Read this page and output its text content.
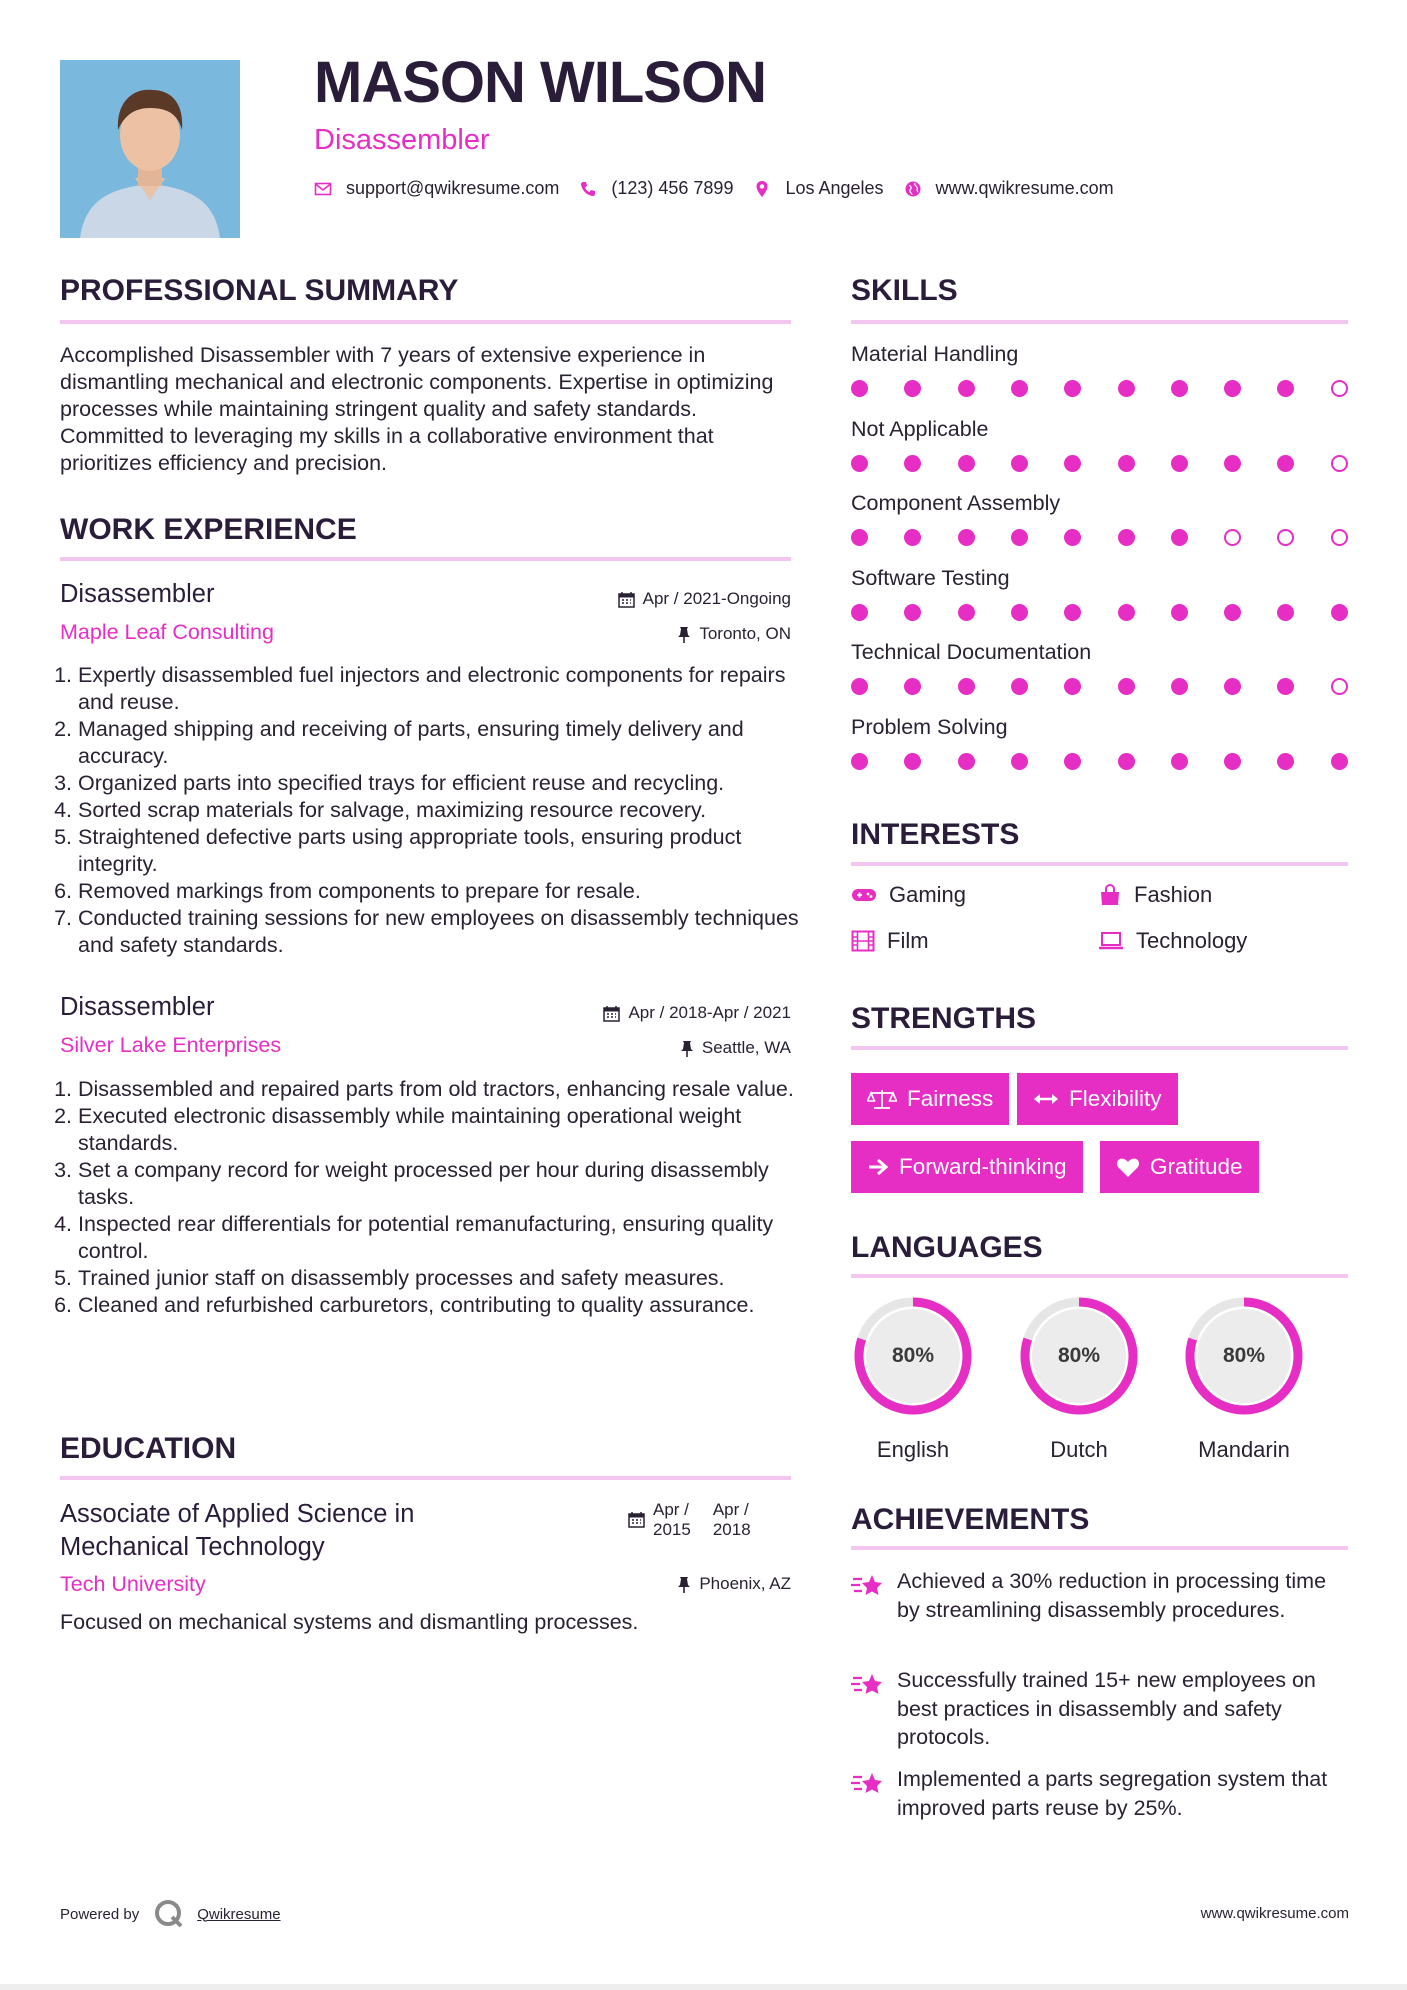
MASON WILSON
Disassembler
support@qwikresume.com	(123) 456 7899	Los Angeles	www.qwikresume.com
PROFESSIONAL SUMMARY
Accomplished Disassembler with 7 years of extensive experience in dismantling mechanical and electronic components. Expertise in optimizing processes while maintaining stringent quality and safety standards. Committed to leveraging my skills in a collaborative environment that prioritizes efficiency and precision.
WORK EXPERIENCE
Disassembler
Maple Leaf Consulting
Apr / 2021-Ongoing
Toronto, ON
1. Expertly disassembled fuel injectors and electronic components for repairs and reuse.
2. Managed shipping and receiving of parts, ensuring timely delivery and accuracy.
3. Organized parts into specified trays for efficient reuse and recycling.
4. Sorted scrap materials for salvage, maximizing resource recovery.
5. Straightened defective parts using appropriate tools, ensuring product integrity.
6. Removed markings from components to prepare for resale.
7. Conducted training sessions for new employees on disassembly techniques and safety standards.
Disassembler
Silver Lake Enterprises
Apr / 2018-Apr / 2021
Seattle, WA
1. Disassembled and repaired parts from old tractors, enhancing resale value.
2. Executed electronic disassembly while maintaining operational weight standards.
3. Set a company record for weight processed per hour during disassembly tasks.
4. Inspected rear differentials for potential remanufacturing, ensuring quality control.
5. Trained junior staff on disassembly processes and safety measures.
6. Cleaned and refurbished carburetors, contributing to quality assurance.
EDUCATION
Associate of Applied Science in
Mechanical Technology
Apr /
2015
Apr /
2018
Tech University	Phoenix, AZ
Focused on mechanical systems and dismantling processes.
SKILLS
Material Handling
Not Applicable
Component Assembly
Software Testing
Technical Documentation
Problem Solving
INTERESTS
Gaming	Fashion
Film	Technology
STRENGTHS
Fairness	Flexibility
Forward-thinking	Gratitude
LANGUAGES
80%
English
80%
Dutch
80%
Mandarin
ACHIEVEMENTS
Achieved a 30% reduction in processing time by streamlining disassembly procedures.
Successfully trained 15+ new employees on best practices in disassembly and safety protocols.
Implemented a parts segregation system that improved parts reuse by 25%.
Powered by	Qwikresume	www.qwikresume.com
